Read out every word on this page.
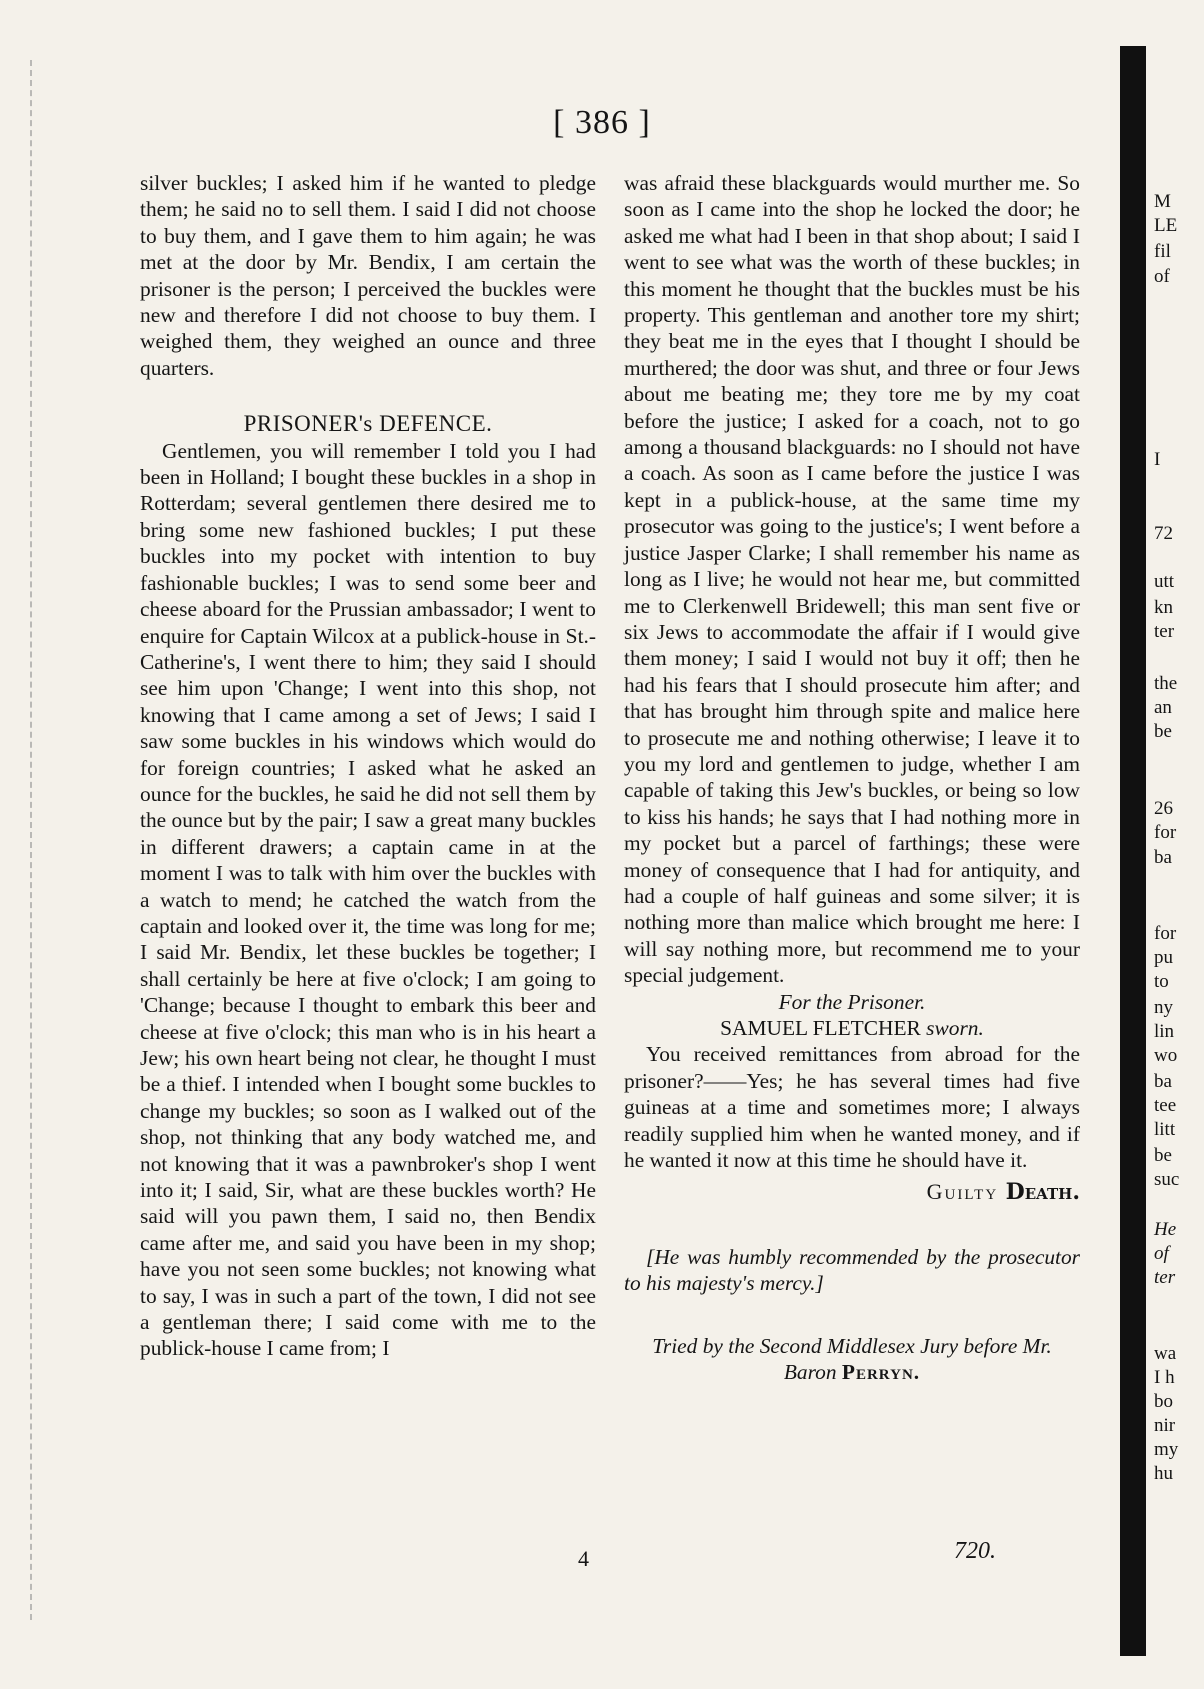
[ 386 ]

silver buckles; I asked him if he wanted to pledge them; he said no to sell them. I said I did not choose to buy them, and I gave them to him again; he was met at the door by Mr. Bendix, I am certain the prisoner is the person; I perceived the buckles were new and therefore I did not choose to buy them. I weighed them, they weighed an ounce and three quarters.

PRISONER's DEFENCE.

Gentlemen, you will remember I told you I had been in Holland; I bought these buckles in a shop in Rotterdam; several gentlemen there desired me to bring some new fashioned buckles; I put these buckles into my pocket with intention to buy fashionable buckles; I was to send some beer and cheese aboard for the Prussian ambassador; I went to enquire for Captain Wilcox at a publick-house in St.-Catherine's, I went there to him; they said I should see him upon 'Change; I went into this shop, not knowing that I came among a set of Jews; I said I saw some buckles in his windows which would do for foreign countries; I asked what he asked an ounce for the buckles, he said he did not sell them by the ounce but by the pair; I saw a great many buckles in different drawers; a captain came in at the moment I was to talk with him over the buckles with a watch to mend; he catched the watch from the captain and looked over it, the time was long for me; I said Mr. Bendix, let these buckles be together; I shall certainly be here at five o'clock; I am going to 'Change; because I thought to embark this beer and cheese at five o'clock; this man who is in his heart a Jew; his own heart being not clear, he thought I must be a thief. I intended when I bought some buckles to change my buckles; so soon as I walked out of the shop, not thinking that any body watched me, and not knowing that it was a pawnbroker's shop I went into it; I said, Sir, what are these buckles worth? He said will you pawn them, I said no, then Bendix came after me, and said you have been in my shop; have you not seen some buckles; not knowing what to say, I was in such a part of the town, I did not see a gentleman there; I said come with me to the publick-house I came from; I

was afraid these blackguards would murther me. So soon as I came into the shop he locked the door; he asked me what had I been in that shop about; I said I went to see what was the worth of these buckles; in this moment he thought that the buckles must be his property. This gentleman and another tore my shirt; they beat me in the eyes that I thought I should be murthered; the door was shut, and three or four Jews about me beating me; they tore me by my coat before the justice; I asked for a coach, not to go among a thousand blackguards: no I should not have a coach. As soon as I came before the justice I was kept in a publick-house, at the same time my prosecutor was going to the justice's; I went before a justice Jasper Clarke; I shall remember his name as long as I live; he would not hear me, but committed me to Clerkenwell Bridewell; this man sent five or six Jews to accommodate the affair if I would give them money; I said I would not buy it off; then he had his fears that I should prosecute him after; and that has brought him through spite and malice here to prosecute me and nothing otherwise; I leave it to you my lord and gentlemen to judge, whether I am capable of taking this Jew's buckles, or being so low to kiss his hands; he says that I had nothing more in my pocket but a parcel of farthings; these were money of consequence that I had for antiquity, and had a couple of half guineas and some silver; it is nothing more than malice which brought me here: I will say nothing more, but recommend me to your special judgement.

For the Prisoner.

SAMUEL FLETCHER sworn.

You received remittances from abroad for the prisoner?——Yes; he has several times had five guineas at a time and sometimes more; I always readily supplied him when he wanted money, and if he wanted it now at this time he should have it.

Guilty Death.

[He was humbly recommended by the prosecutor to his majesty's mercy.]

Tried by the Second Middlesex Jury before Mr.
Baron Perryn.

4	720.
M
LE
fil
of
I
72
utt
kn
ter
the
an
be
26
for
ba
for
pu
to
ny
lin
wo
ba
tee
litt
be
suc
He
of
ter
wa
I h
bo
nir
my
hu
